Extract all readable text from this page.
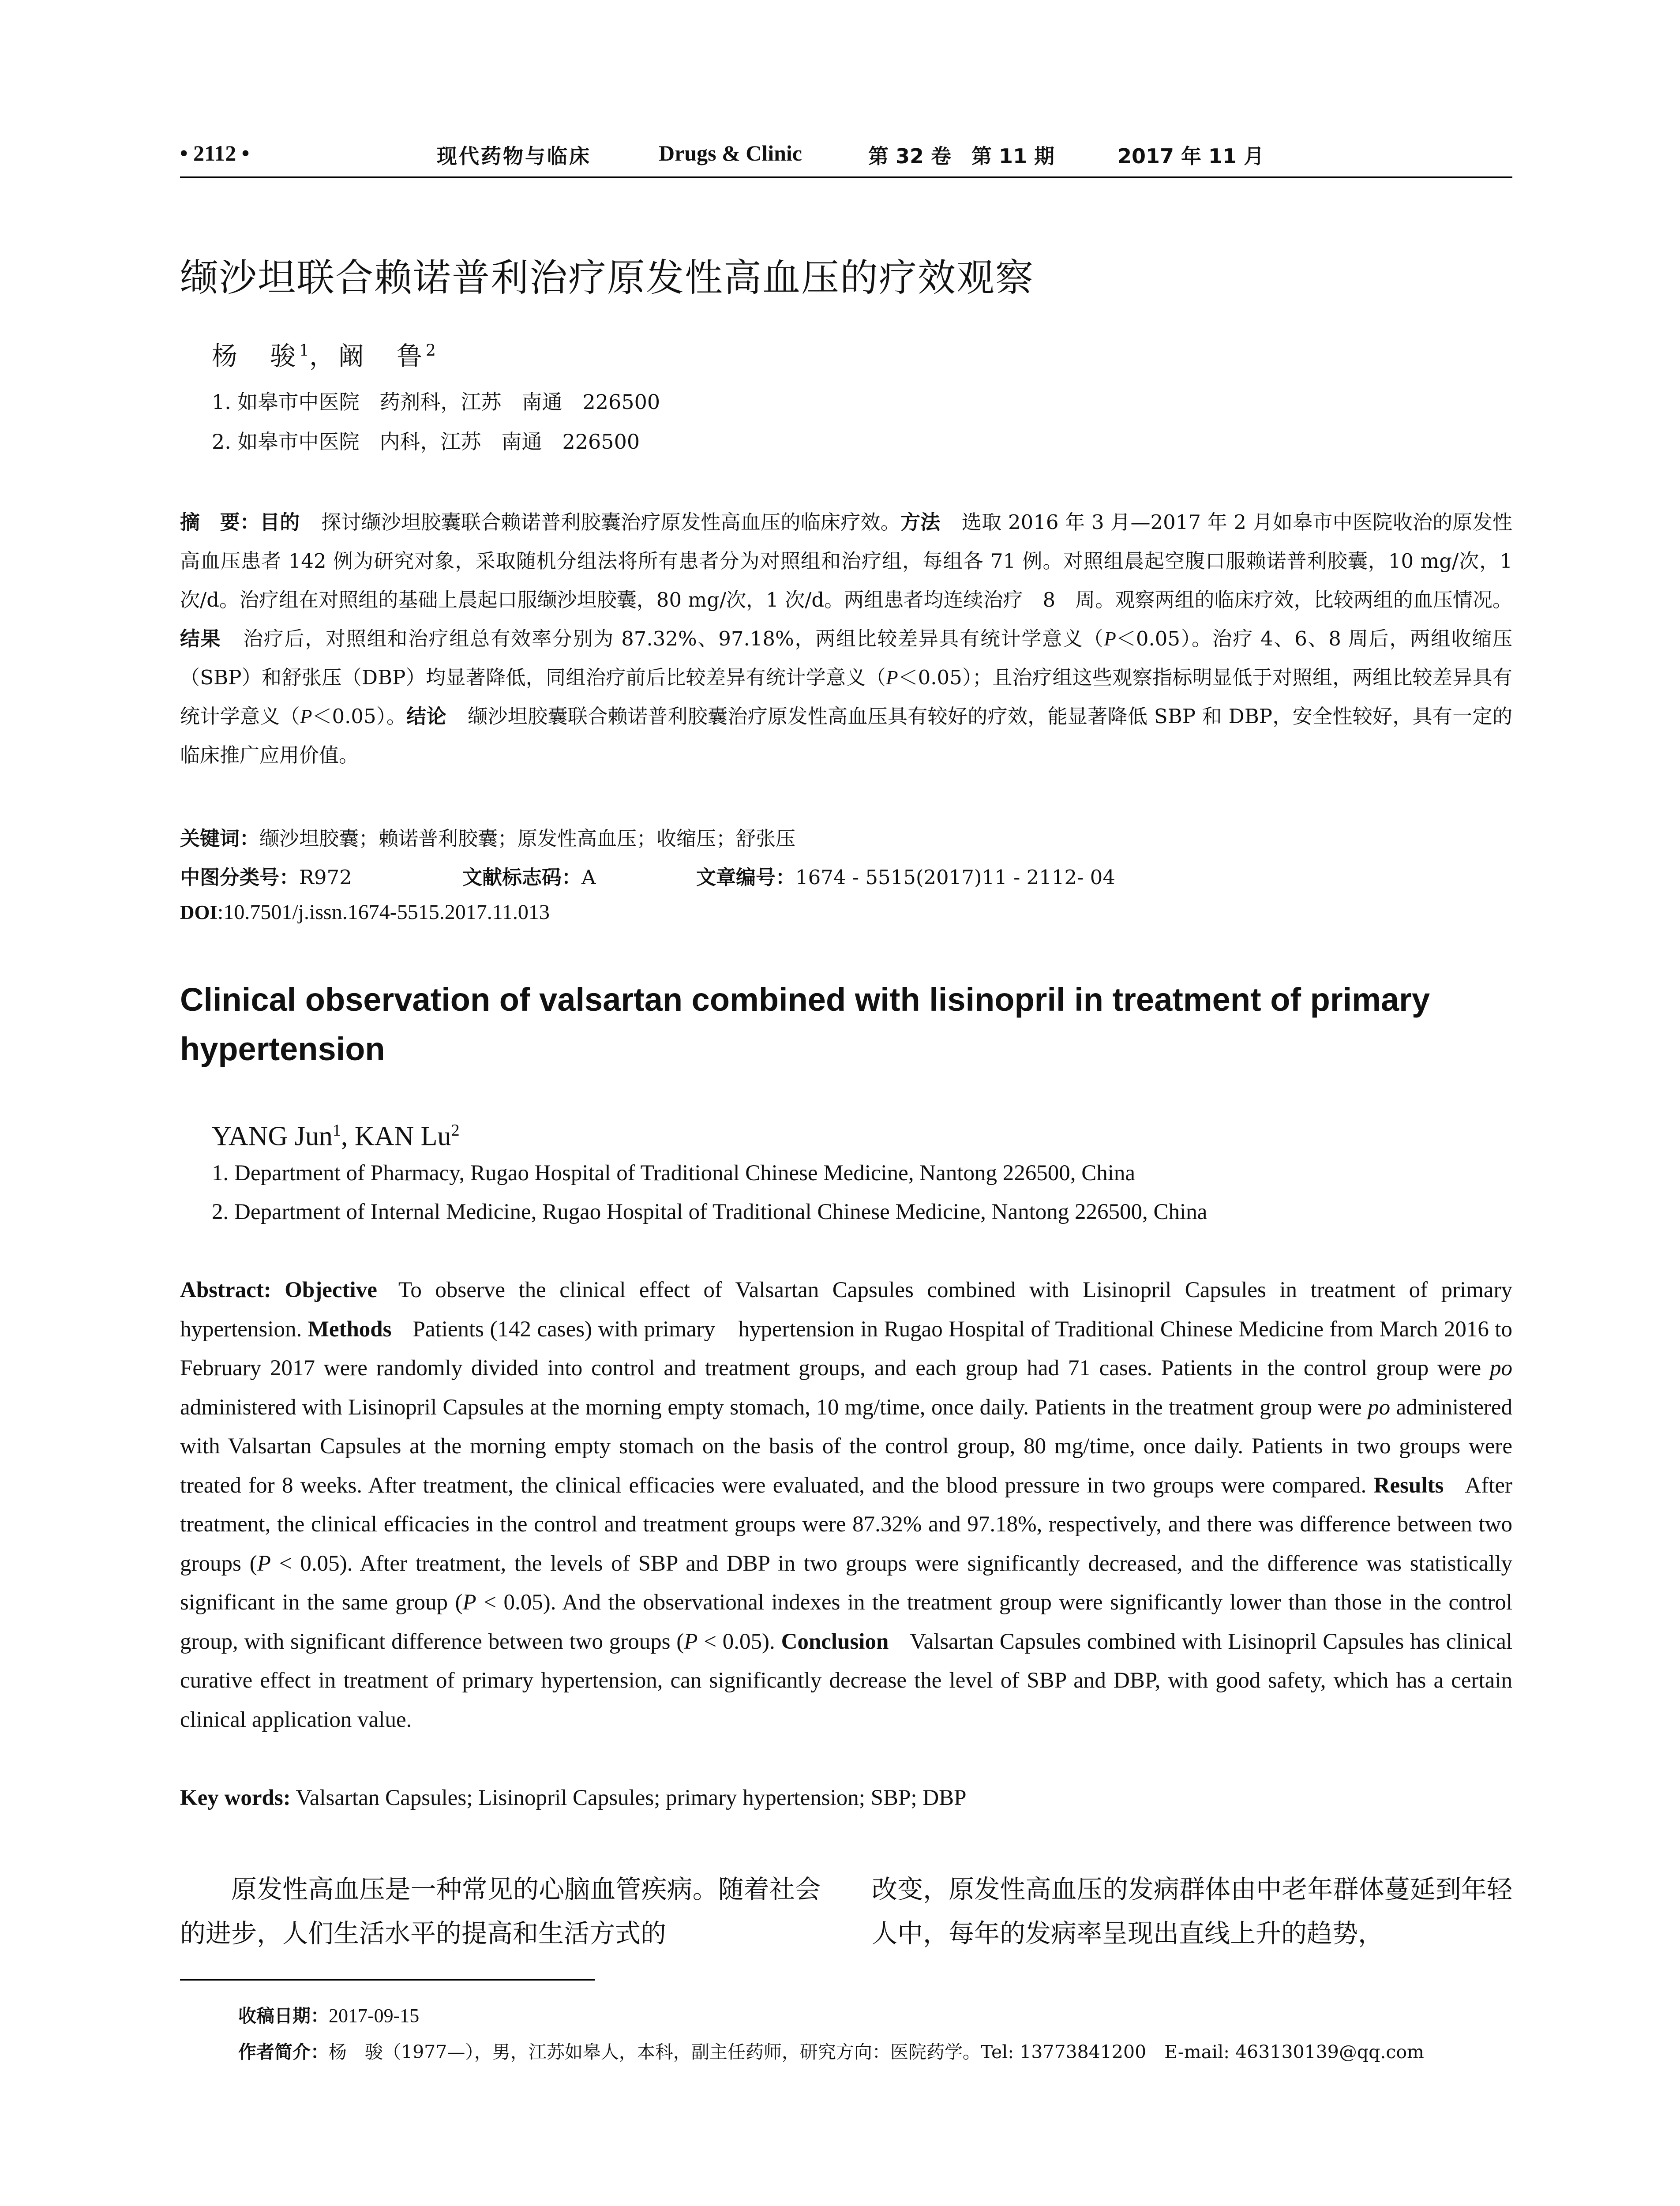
• 2112 •	现代药物与临床	Drugs & Clinic	第 32 卷　第 11 期	2017 年 11 月
缬沙坦联合赖诺普利治疗原发性高血压的疗效观察
杨　骏$^1$，阚　鲁$^2$
1. 如皋市中医院　药剂科，江苏　南通　226500
2. 如皋市中医院　内科，江苏　南通　226500
摘　要：目的 探讨缬沙坦胶囊联合赖诺普利胶囊治疗原发性高血压的临床疗效。方法 选取 2016 年 3 月—2017 年 2 月如皋市中医院收治的原发性高血压患者 142 例为研究对象，采取随机分组法将所有患者分为对照组和治疗组，每组各 71 例。对照组晨起空腹口服赖诺普利胶囊，10 mg/次，1 次/d。治疗组在对照组的基础上晨起口服缬沙坦胶囊，80 mg/次，1 次/d。两组患者均连续治疗　8　周。观察两组的临床疗效，比较两组的血压情况。结果 治疗后，对照组和治疗组总有效率分别为 87.32%、97.18%，两组比较差异具有统计学意义（P＜0.05）。治疗 4、6、8 周后，两组收缩压（SBP）和舒张压（DBP）均显著降低，同组治疗前后比较差异有统计学意义（P＜0.05）；且治疗组这些观察指标明显低于对照组，两组比较差异具有统计学意义（P＜0.05）。结论 缬沙坦胶囊联合赖诺普利胶囊治疗原发性高血压具有较好的疗效，能显著降低 SBP 和 DBP，安全性较好，具有一定的临床推广应用价值。
关键词：缬沙坦胶囊；赖诺普利胶囊；原发性高血压；收缩压；舒张压
中图分类号：R972	文献标志码：A	文章编号：1674 - 5515(2017)11 - 2112- 04
DOI:10.7501/j.issn.1674-5515.2017.11.013
Clinical observation of valsartan combined with lisinopril in treatment of primary
hypertension
YANG Jun$^1$, KAN Lu$^2$
1. Department of Pharmacy, Rugao Hospital of Traditional Chinese Medicine, Nantong 226500, China
2. Department of Internal Medicine, Rugao Hospital of Traditional Chinese Medicine, Nantong 226500, China
Abstract: Objective To observe the clinical effect of Valsartan Capsules combined with Lisinopril Capsules in treatment of primary hypertension. Methods Patients (142 cases) with primary　hypertension in Rugao Hospital of Traditional Chinese Medicine from March 2016 to February 2017 were randomly divided into control and treatment groups, and each group had 71 cases. Patients in the control group were po administered with Lisinopril Capsules at the morning empty stomach, 10 mg/time, once daily. Patients in the treatment group were po administered with Valsartan Capsules at the morning empty stomach on the basis of the control group, 80 mg/time, once daily. Patients in two groups were treated for 8 weeks. After treatment, the clinical efficacies were evaluated, and the blood pressure in two groups were compared. Results After treatment, the clinical efficacies in the control and treatment groups were 87.32% and 97.18%, respectively, and there was difference between two groups (P < 0.05). After treatment, the levels of SBP and DBP in two groups were significantly decreased, and the difference was statistically significant in the same group (P < 0.05). And the observational indexes in the treatment group were significantly lower than those in the control group, with significant difference between two groups (P < 0.05). Conclusion Valsartan Capsules combined with Lisinopril Capsules has clinical curative effect in treatment of primary hypertension, can significantly decrease the level of SBP and DBP, with good safety, which has a certain clinical application value.
Key words: Valsartan Capsules; Lisinopril Capsules; primary hypertension; SBP; DBP
原发性高血压是一种常见的心脑血管疾病。随着社会的进步，人们生活水平的提高和生活方式的
改变，原发性高血压的发病群体由中老年群体蔓延到年轻人中，每年的发病率呈现出直线上升的趋势，
收稿日期：2017-09-15
作者简介：杨　骏（1977—），男，江苏如皋人，本科，副主任药师，研究方向：医院药学。Tel: 13773841200　E-mail: 463130139@qq.com
